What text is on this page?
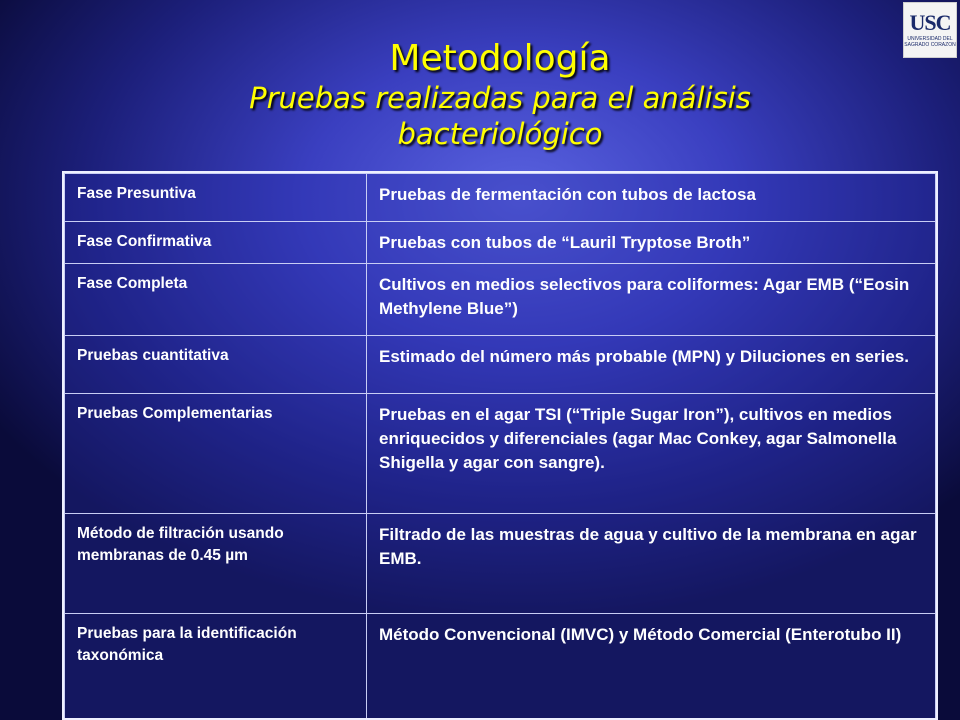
USC
UNIVERSIDAD DEL
SAGRADO CORAZON
Metodología
Pruebas realizadas para el análisis
bacteriológico
Fase Presuntiva	Pruebas de fermentación con tubos de lactosa
Fase Confirmativa	Pruebas con tubos de “Lauril Tryptose Broth”
Fase Completa	Cultivos en medios selectivos para coliformes: Agar EMB (“Eosin Methylene Blue”)
Pruebas cuantitativa	Estimado del número más probable (MPN) y Diluciones en series.
Pruebas Complementarias	Pruebas en el agar TSI (“Triple Sugar Iron”), cultivos en medios enriquecidos y diferenciales (agar Mac Conkey, agar Salmonella Shigella y agar con sangre).
Método de filtración usando membranas de 0.45 µm	Filtrado de las muestras de agua y cultivo de la membrana en agar EMB.
Pruebas para la identificación taxonómica	Método Convencional (IMVC) y Método Comercial (Enterotubo II)
